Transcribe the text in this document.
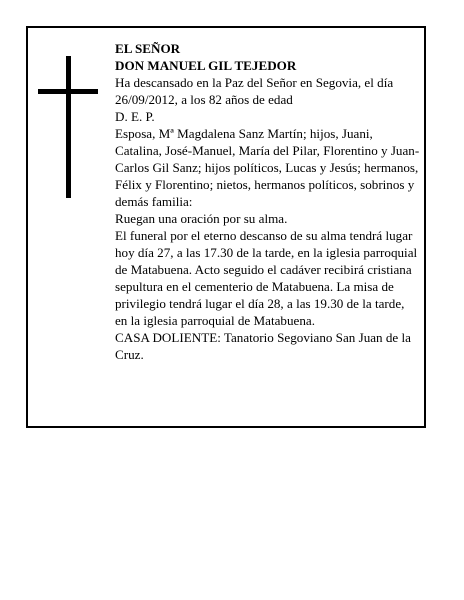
EL SEÑOR

DON MANUEL GIL TEJEDOR

Ha descansado en la Paz del Señor en Segovia, el día 26/09/2012, a los 82 años de edad

D. E. P.

Esposa, Mª Magdalena Sanz Martín; hijos, Juani, Catalina, José-Manuel, María del Pilar, Florentino y Juan-Carlos Gil Sanz; hijos políticos, Lucas y Jesús; hermanos, Félix y Florentino; nietos, hermanos políticos, sobrinos y demás familia:

Ruegan una oración por su alma.

El funeral por el eterno descanso de su alma tendrá lugar hoy día 27, a las 17.30 de la tarde, en la iglesia parroquial de Matabuena. Acto seguido el cadáver recibirá cristiana sepultura en el cementerio de Matabuena. La misa de privilegio tendrá lugar el día 28, a las 19.30 de la tarde, en la iglesia parroquial de Matabuena.

CASA DOLIENTE: Tanatorio Segoviano San Juan de la Cruz.
